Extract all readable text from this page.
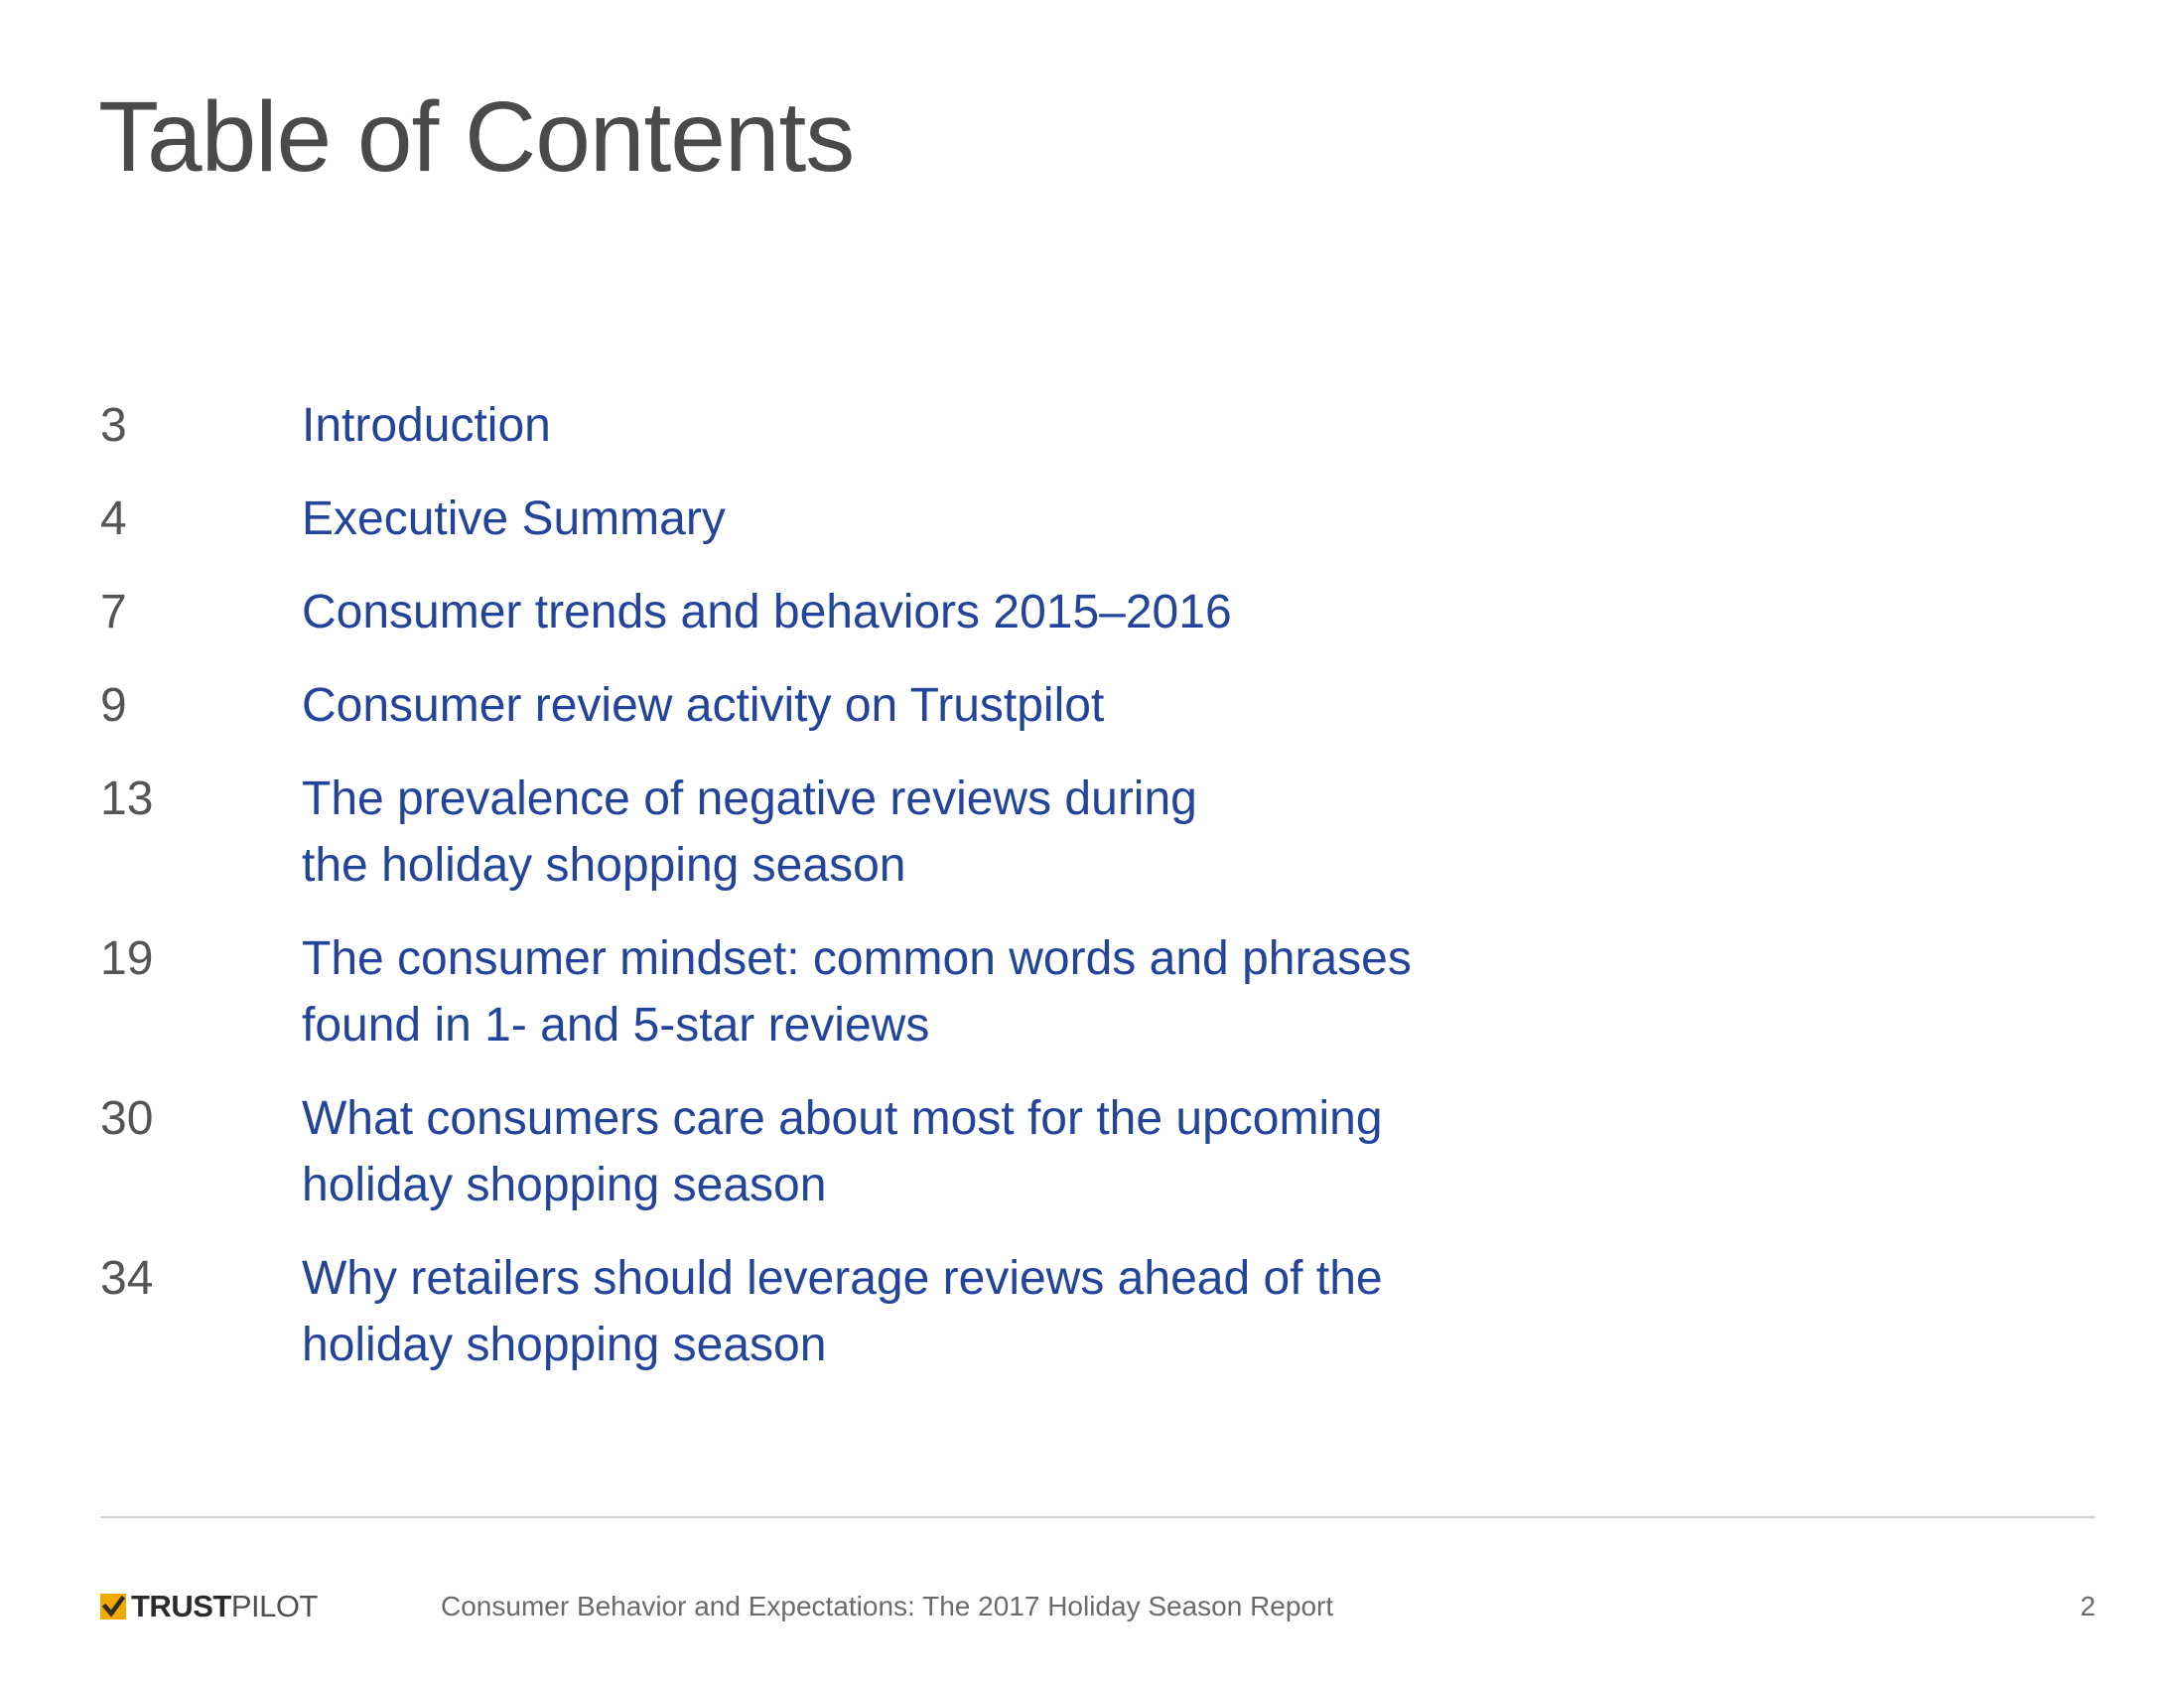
Table of Contents
3	Introduction
4	Executive Summary
7	Consumer trends and behaviors 2015–2016
9	Consumer review activity on Trustpilot
13	The prevalence of negative reviews during
the holiday shopping season
19	The consumer mindset: common words and phrases
found in 1- and 5-star reviews
30	What consumers care about most for the upcoming
holiday shopping season
34	Why retailers should leverage reviews ahead of the
holiday shopping season
TRUSTPILOT	Consumer Behavior and Expectations: The 2017 Holiday Season Report	2
